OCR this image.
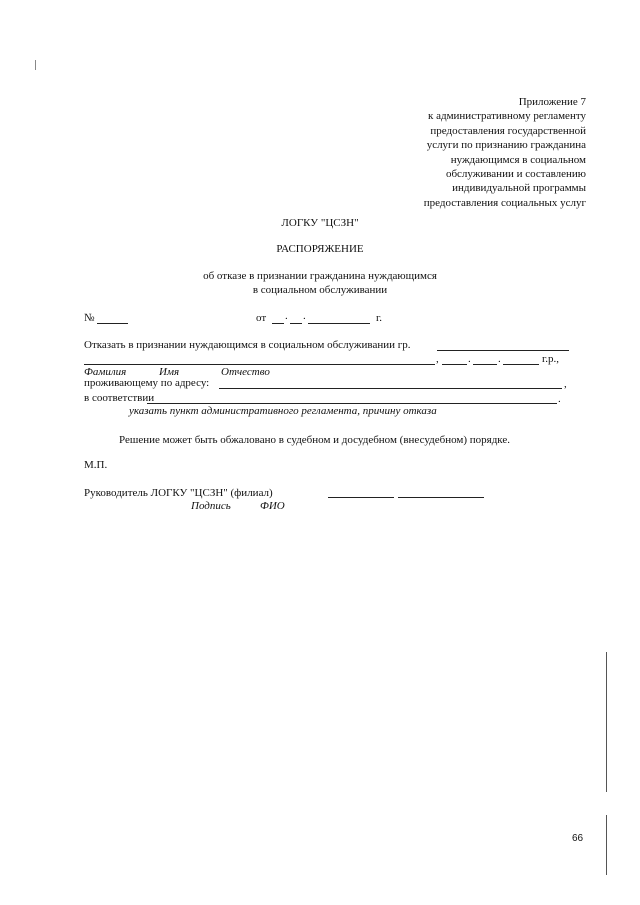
Приложение 7
к административному регламенту
предоставления государственной
услуги по признанию гражданина
нуждающимся в социальном
обслуживании и составлению
индивидуальной программы
предоставления социальных услуг
ЛОГКУ "ЦСЗН"
РАСПОРЯЖЕНИЕ
об отказе в признании гражданина нуждающимся
в социальном обслуживании
№	от . .	г.
Отказать в признании нуждающимся в социальном обслуживании гр.
,	. .	г.р.,
Фамилия	Имя	Отчество
проживающему по адресу:	,
в соответствии	.
указать пункт административного регламента, причину отказа
Решение может быть обжаловано в судебном и досудебном (внесудебном) порядке.
М.П.
Руководитель ЛОГКУ "ЦСЗН" (филиал)
Подпись	ФИО
66
